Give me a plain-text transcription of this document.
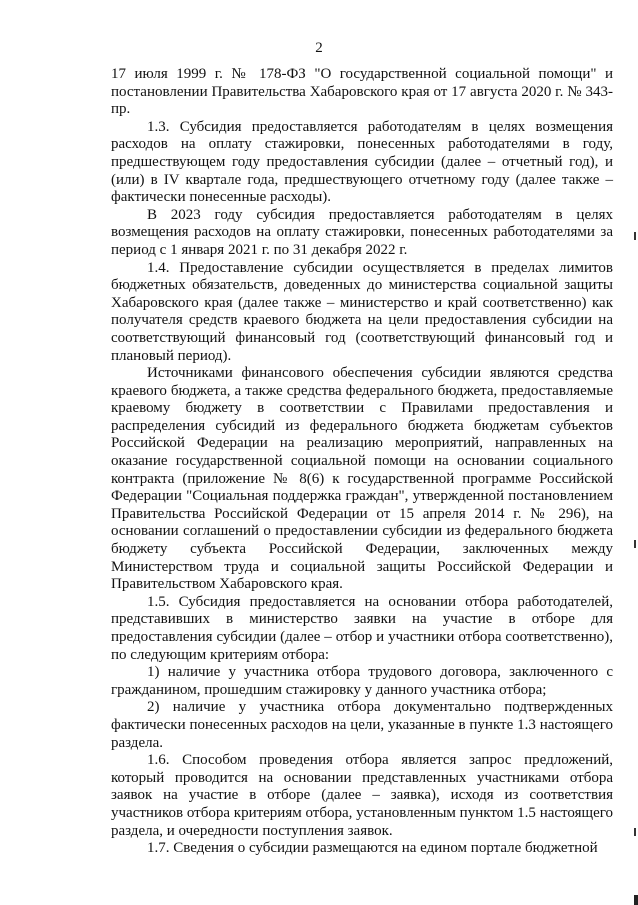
2

17 июля 1999 г. № 178-ФЗ "О государственной социальной помощи" и постановлении Правительства Хабаровского края от 17 августа 2020 г. № 343-пр.

1.3. Субсидия предоставляется работодателям в целях возмещения расходов на оплату стажировки, понесенных работодателями в году, предшествующем году предоставления субсидии (далее – отчетный год), и (или) в IV квартале года, предшествующего отчетному году (далее также – фактически понесенные расходы).

В 2023 году субсидия предоставляется работодателям в целях возмещения расходов на оплату стажировки, понесенных работодателями за период с 1 января 2021 г. по 31 декабря 2022 г.

1.4. Предоставление субсидии осуществляется в пределах лимитов бюджетных обязательств, доведенных до министерства социальной защиты Хабаровского края (далее также – министерство и край соответственно) как получателя средств краевого бюджета на цели предоставления субсидии на соответствующий финансовый год (соответствующий финансовый год и плановый период).

Источниками финансового обеспечения субсидии являются средства краевого бюджета, а также средства федерального бюджета, предоставляемые краевому бюджету в соответствии с Правилами предоставления и распределения субсидий из федерального бюджета бюджетам субъектов Российской Федерации на реализацию мероприятий, направленных на оказание государственной социальной помощи на основании социального контракта (приложение № 8(6) к государственной программе Российской Федерации "Социальная поддержка граждан", утвержденной постановлением Правительства Российской Федерации от 15 апреля 2014 г. № 296), на основании соглашений о предоставлении субсидии из федерального бюджета бюджету субъекта Российской Федерации, заключенных между Министерством труда и социальной защиты Российской Федерации и Правительством Хабаровского края.

1.5. Субсидия предоставляется на основании отбора работодателей, представивших в министерство заявки на участие в отборе для предоставления субсидии (далее – отбор и участники отбора соответственно), по следующим критериям отбора:

1) наличие у участника отбора трудового договора, заключенного с гражданином, прошедшим стажировку у данного участника отбора;

2) наличие у участника отбора документально подтвержденных фактически понесенных расходов на цели, указанные в пункте 1.3 настоящего раздела.

1.6. Способом проведения отбора является запрос предложений, который проводится на основании представленных участниками отбора заявок на участие в отборе (далее – заявка), исходя из соответствия участников отбора критериям отбора, установленным пунктом 1.5 настоящего раздела, и очередности поступления заявок.

1.7. Сведения о субсидии размещаются на едином портале бюджетной
